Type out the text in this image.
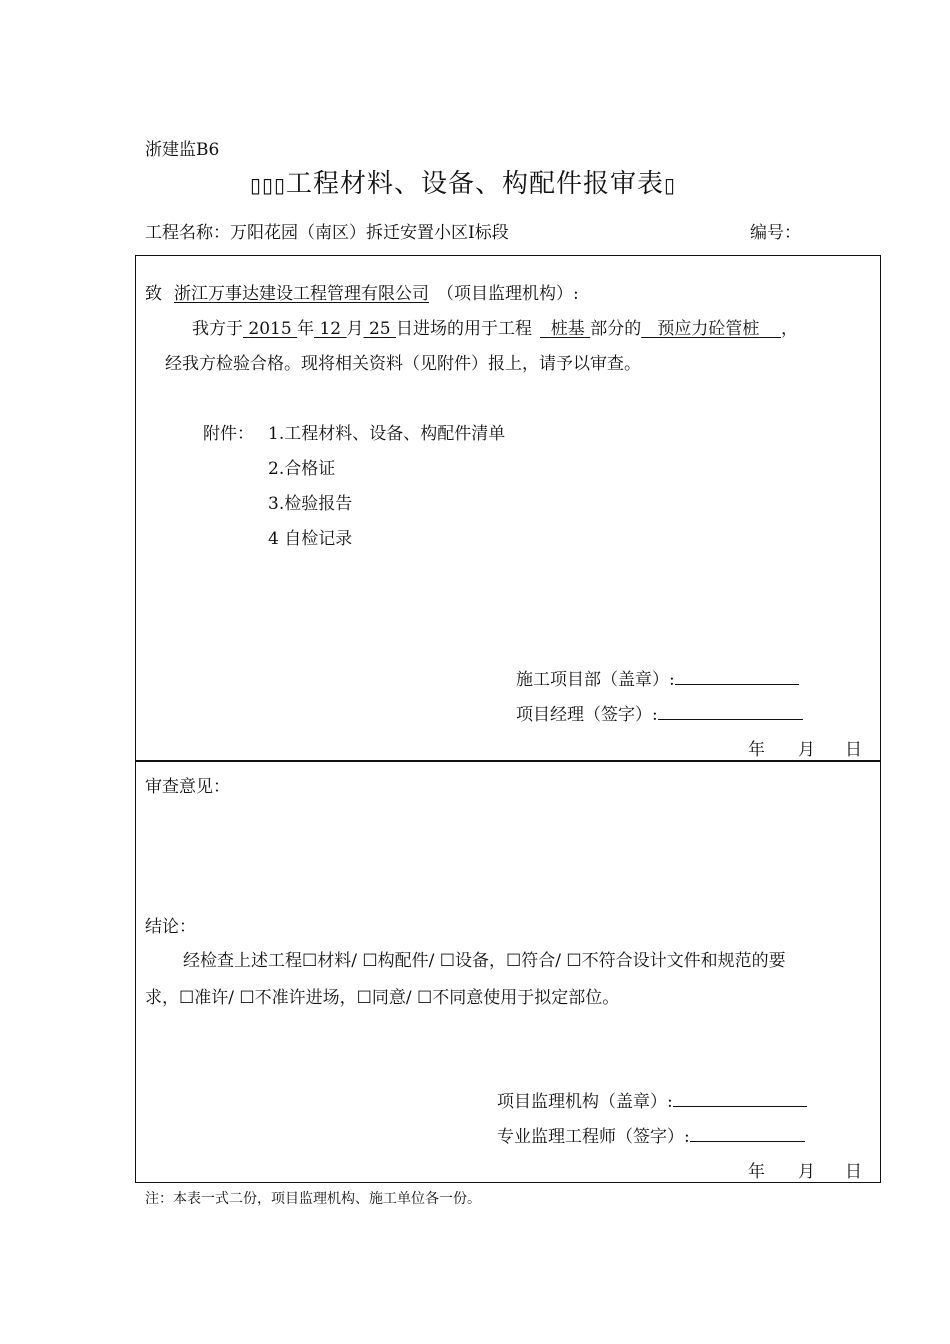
浙建监B6
▯▯▯工程材料、设备、构配件报审表▯
工程名称：万阳花园（南区）拆迁安置小区Ⅰ标段	编号：
致 浙江万事达建设工程管理有限公司 （项目监理机构）:
我方于 2015 年 12 月 25 日进场的用于工程 桩基 部分的 预应力砼管桩 ，
经我方检验合格。现将相关资料（见附件）报上，请予以审查。
附件： 1.工程材料、设备、构配件清单
2.合格证
3.检验报告
4 自检记录
施工项目部（盖章）:
项目经理（签字）:
年 月 日
审查意见：
结论：
经检查上述工程☐材料/ ☐构配件/ ☐设备，☐符合/ ☐不符合设计文件和规范的要
求，☐准许/ ☐不准许进场，☐同意/ ☐不同意使用于拟定部位。
项目监理机构（盖章）:
专业监理工程师（签字）:
年 月 日
注：本表一式二份，项目监理机构、施工单位各一份。
